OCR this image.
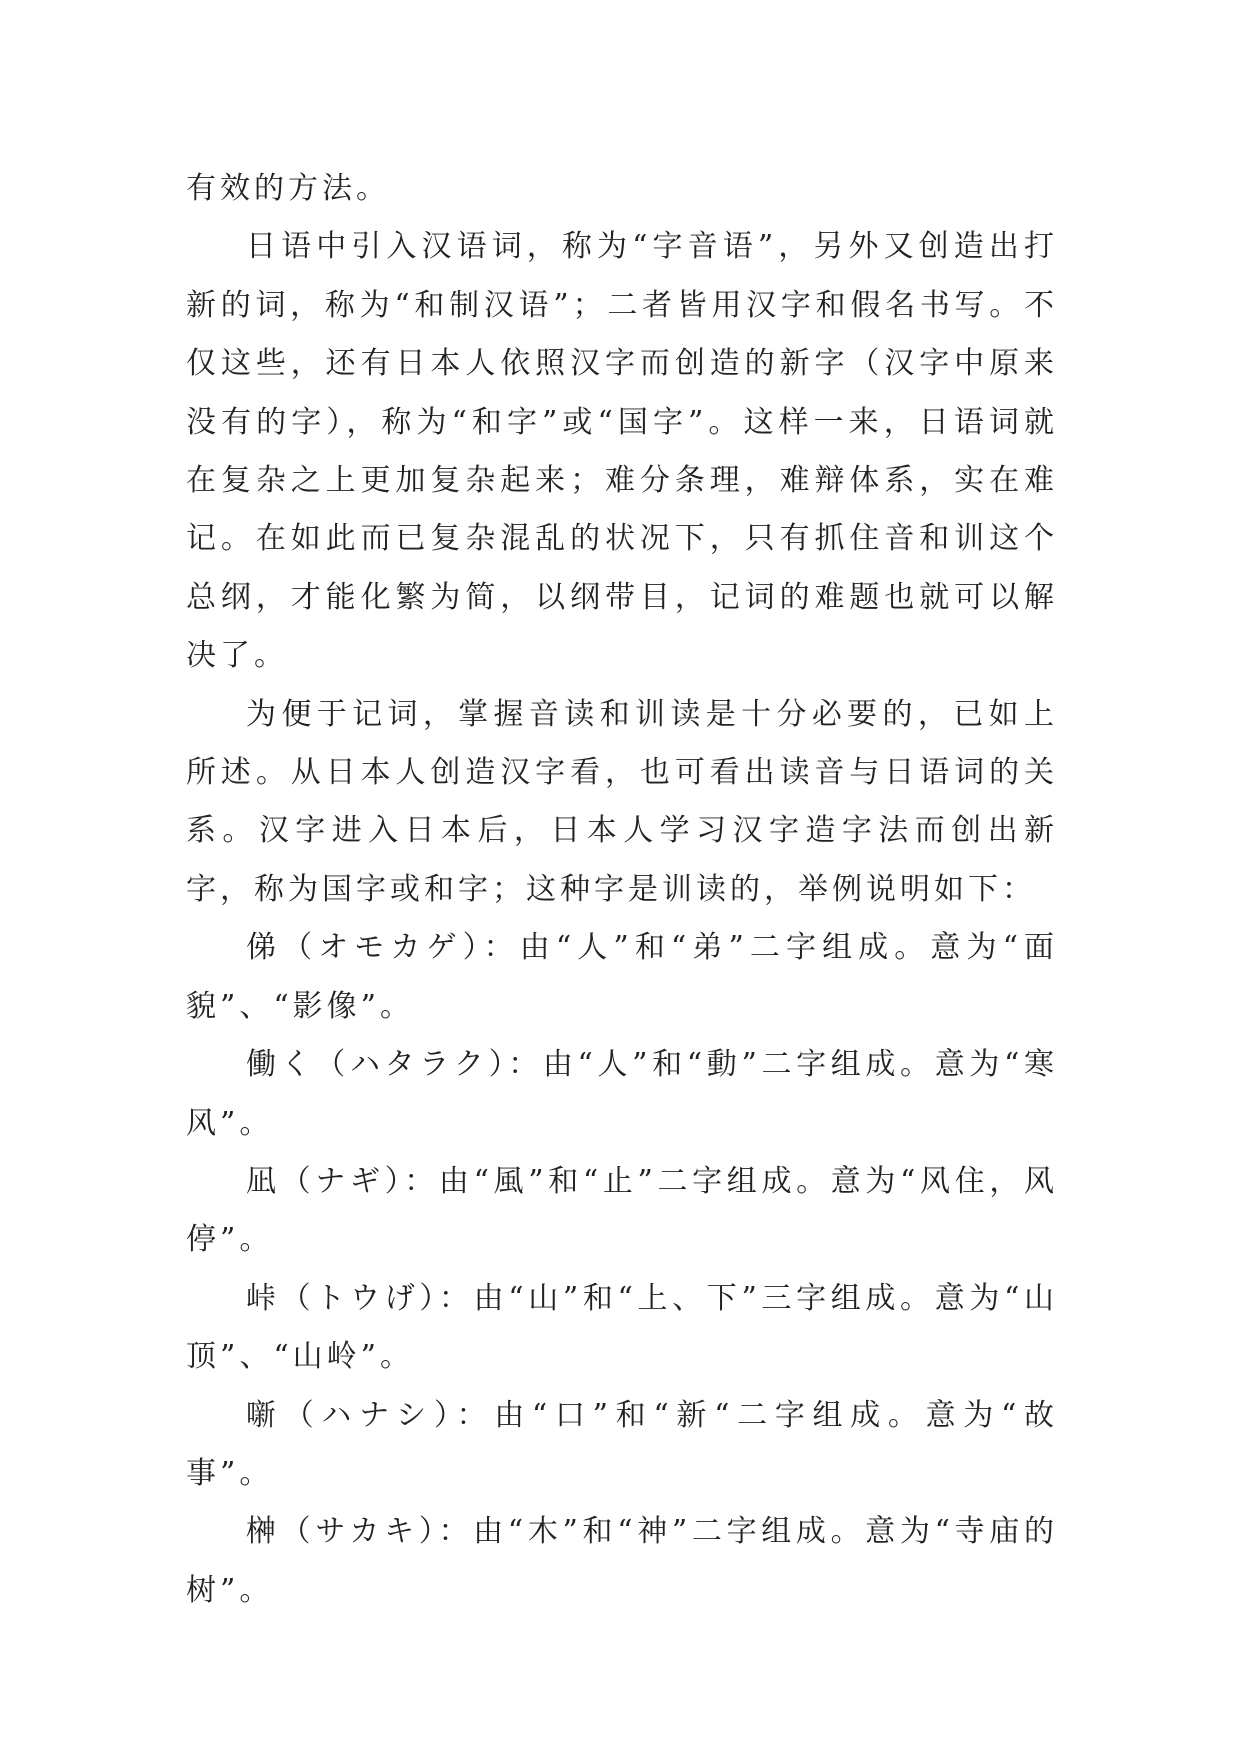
有效的方法。

日语中引入汉语词，称为“字音语”，另外又创造出打新的词，称为“和制汉语”；二者皆用汉字和假名书写。不仅这些，还有日本人依照汉字而创造的新字（汉字中原来没有的字），称为“和字”或“国字”。这样一来，日语词就在复杂之上更加复杂起来；难分条理，难辩体系，实在难记。在如此而已复杂混乱的状况下，只有抓住音和训这个总纲，才能化繁为简，以纲带目，记词的难题也就可以解决了。

为便于记词，掌握音读和训读是十分必要的，已如上所述。从日本人创造汉字看，也可看出读音与日语词的关系。汉字进入日本后，日本人学习汉字造字法而创出新字，称为国字或和字；这种字是训读的，举例说明如下：

俤（オモカゲ）：由“人”和“弟”二字组成。意为“面貌”、“影像”。

働く（ハタラク）：由“人”和“動”二字组成。意为“寒风”。

凪（ナギ）：由“風”和“止”二字组成。意为“风住，风停”。

峠（トウげ）：由“山”和“上、下”三字组成。意为“山顶”、“山岭”。

噺（ハナシ）：由“口”和“新“二字组成。意为“故事”。

榊（サカキ）：由“木”和“神”二字组成。意为“寺庙的树”。
